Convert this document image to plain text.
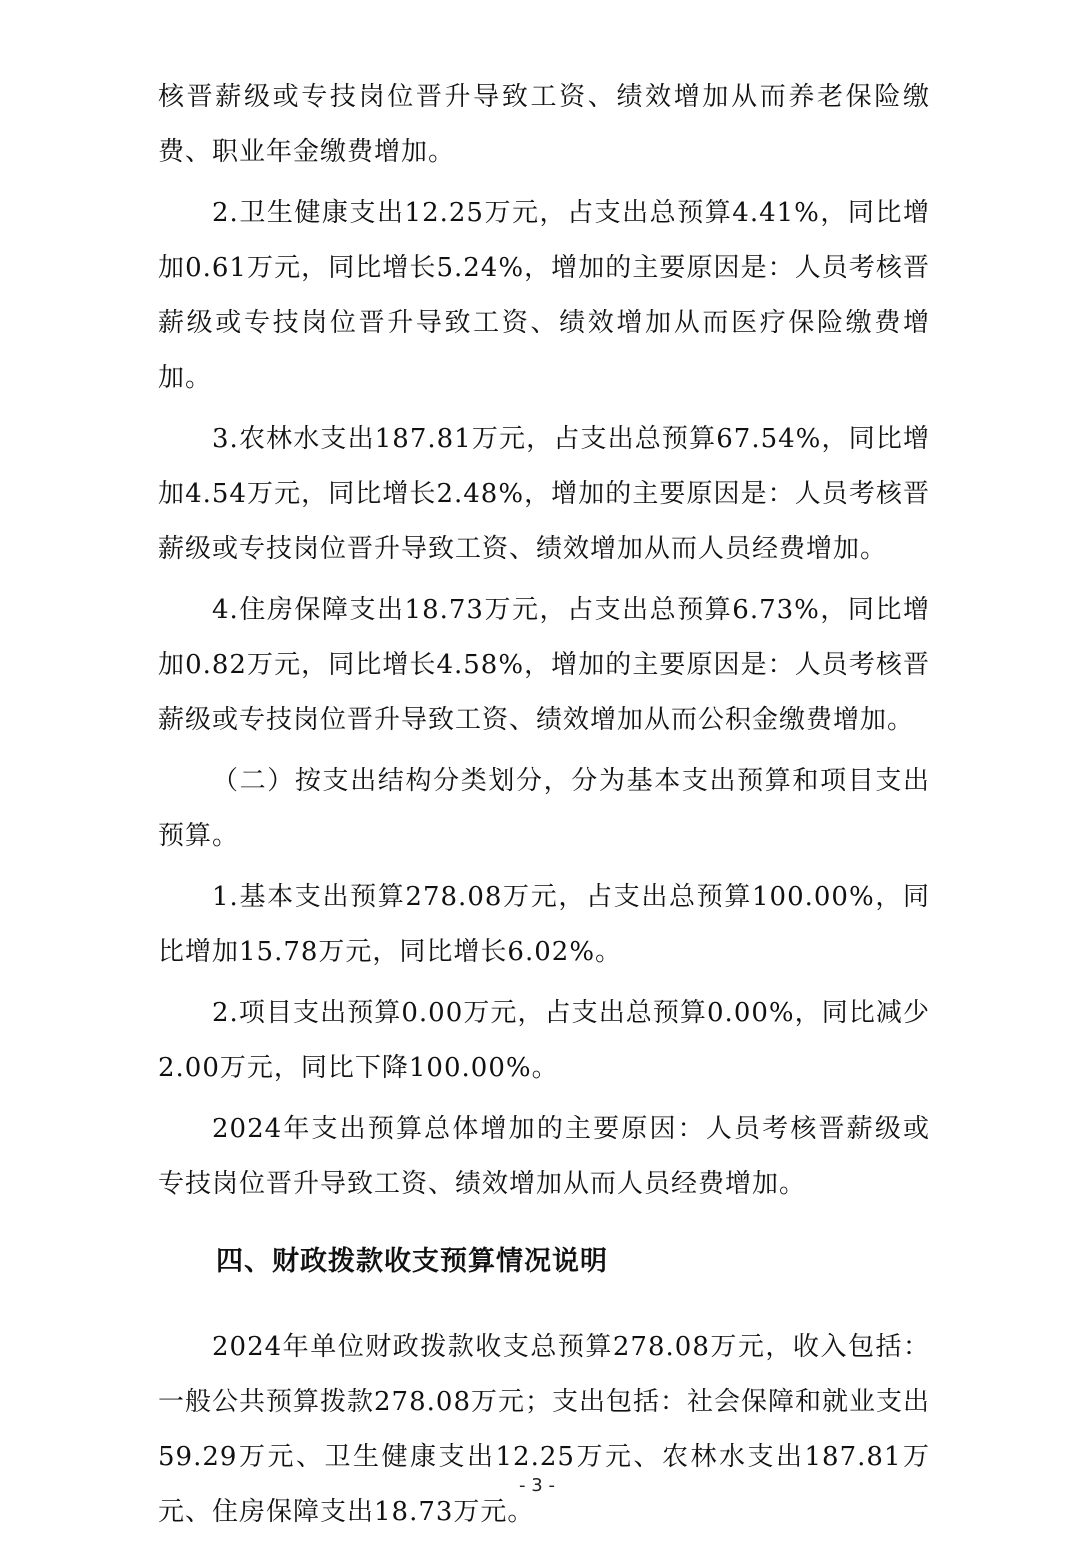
核晋薪级或专技岗位晋升导致工资、绩效增加从而养老保险缴费、职业年金缴费增加。

2.卫生健康支出12.25万元，占支出总预算4.41%，同比增加0.61万元，同比增长5.24%，增加的主要原因是：人员考核晋薪级或专技岗位晋升导致工资、绩效增加从而医疗保险缴费增加。

3.农林水支出187.81万元，占支出总预算67.54%，同比增加4.54万元，同比增长2.48%，增加的主要原因是：人员考核晋薪级或专技岗位晋升导致工资、绩效增加从而人员经费增加。

4.住房保障支出18.73万元，占支出总预算6.73%，同比增加0.82万元，同比增长4.58%，增加的主要原因是：人员考核晋薪级或专技岗位晋升导致工资、绩效增加从而公积金缴费增加。

（二）按支出结构分类划分，分为基本支出预算和项目支出预算。

1.基本支出预算278.08万元，占支出总预算100.00%，同比增加15.78万元，同比增长6.02%。

2.项目支出预算0.00万元，占支出总预算0.00%，同比减少2.00万元，同比下降100.00%。

2024年支出预算总体增加的主要原因：人员考核晋薪级或专技岗位晋升导致工资、绩效增加从而人员经费增加。

四、财政拨款收支预算情况说明

2024年单位财政拨款收支总预算278.08万元，收入包括：一般公共预算拨款278.08万元；支出包括：社会保障和就业支出59.29万元、卫生健康支出12.25万元、农林水支出187.81万元、住房保障支出18.73万元。

- 3 -
